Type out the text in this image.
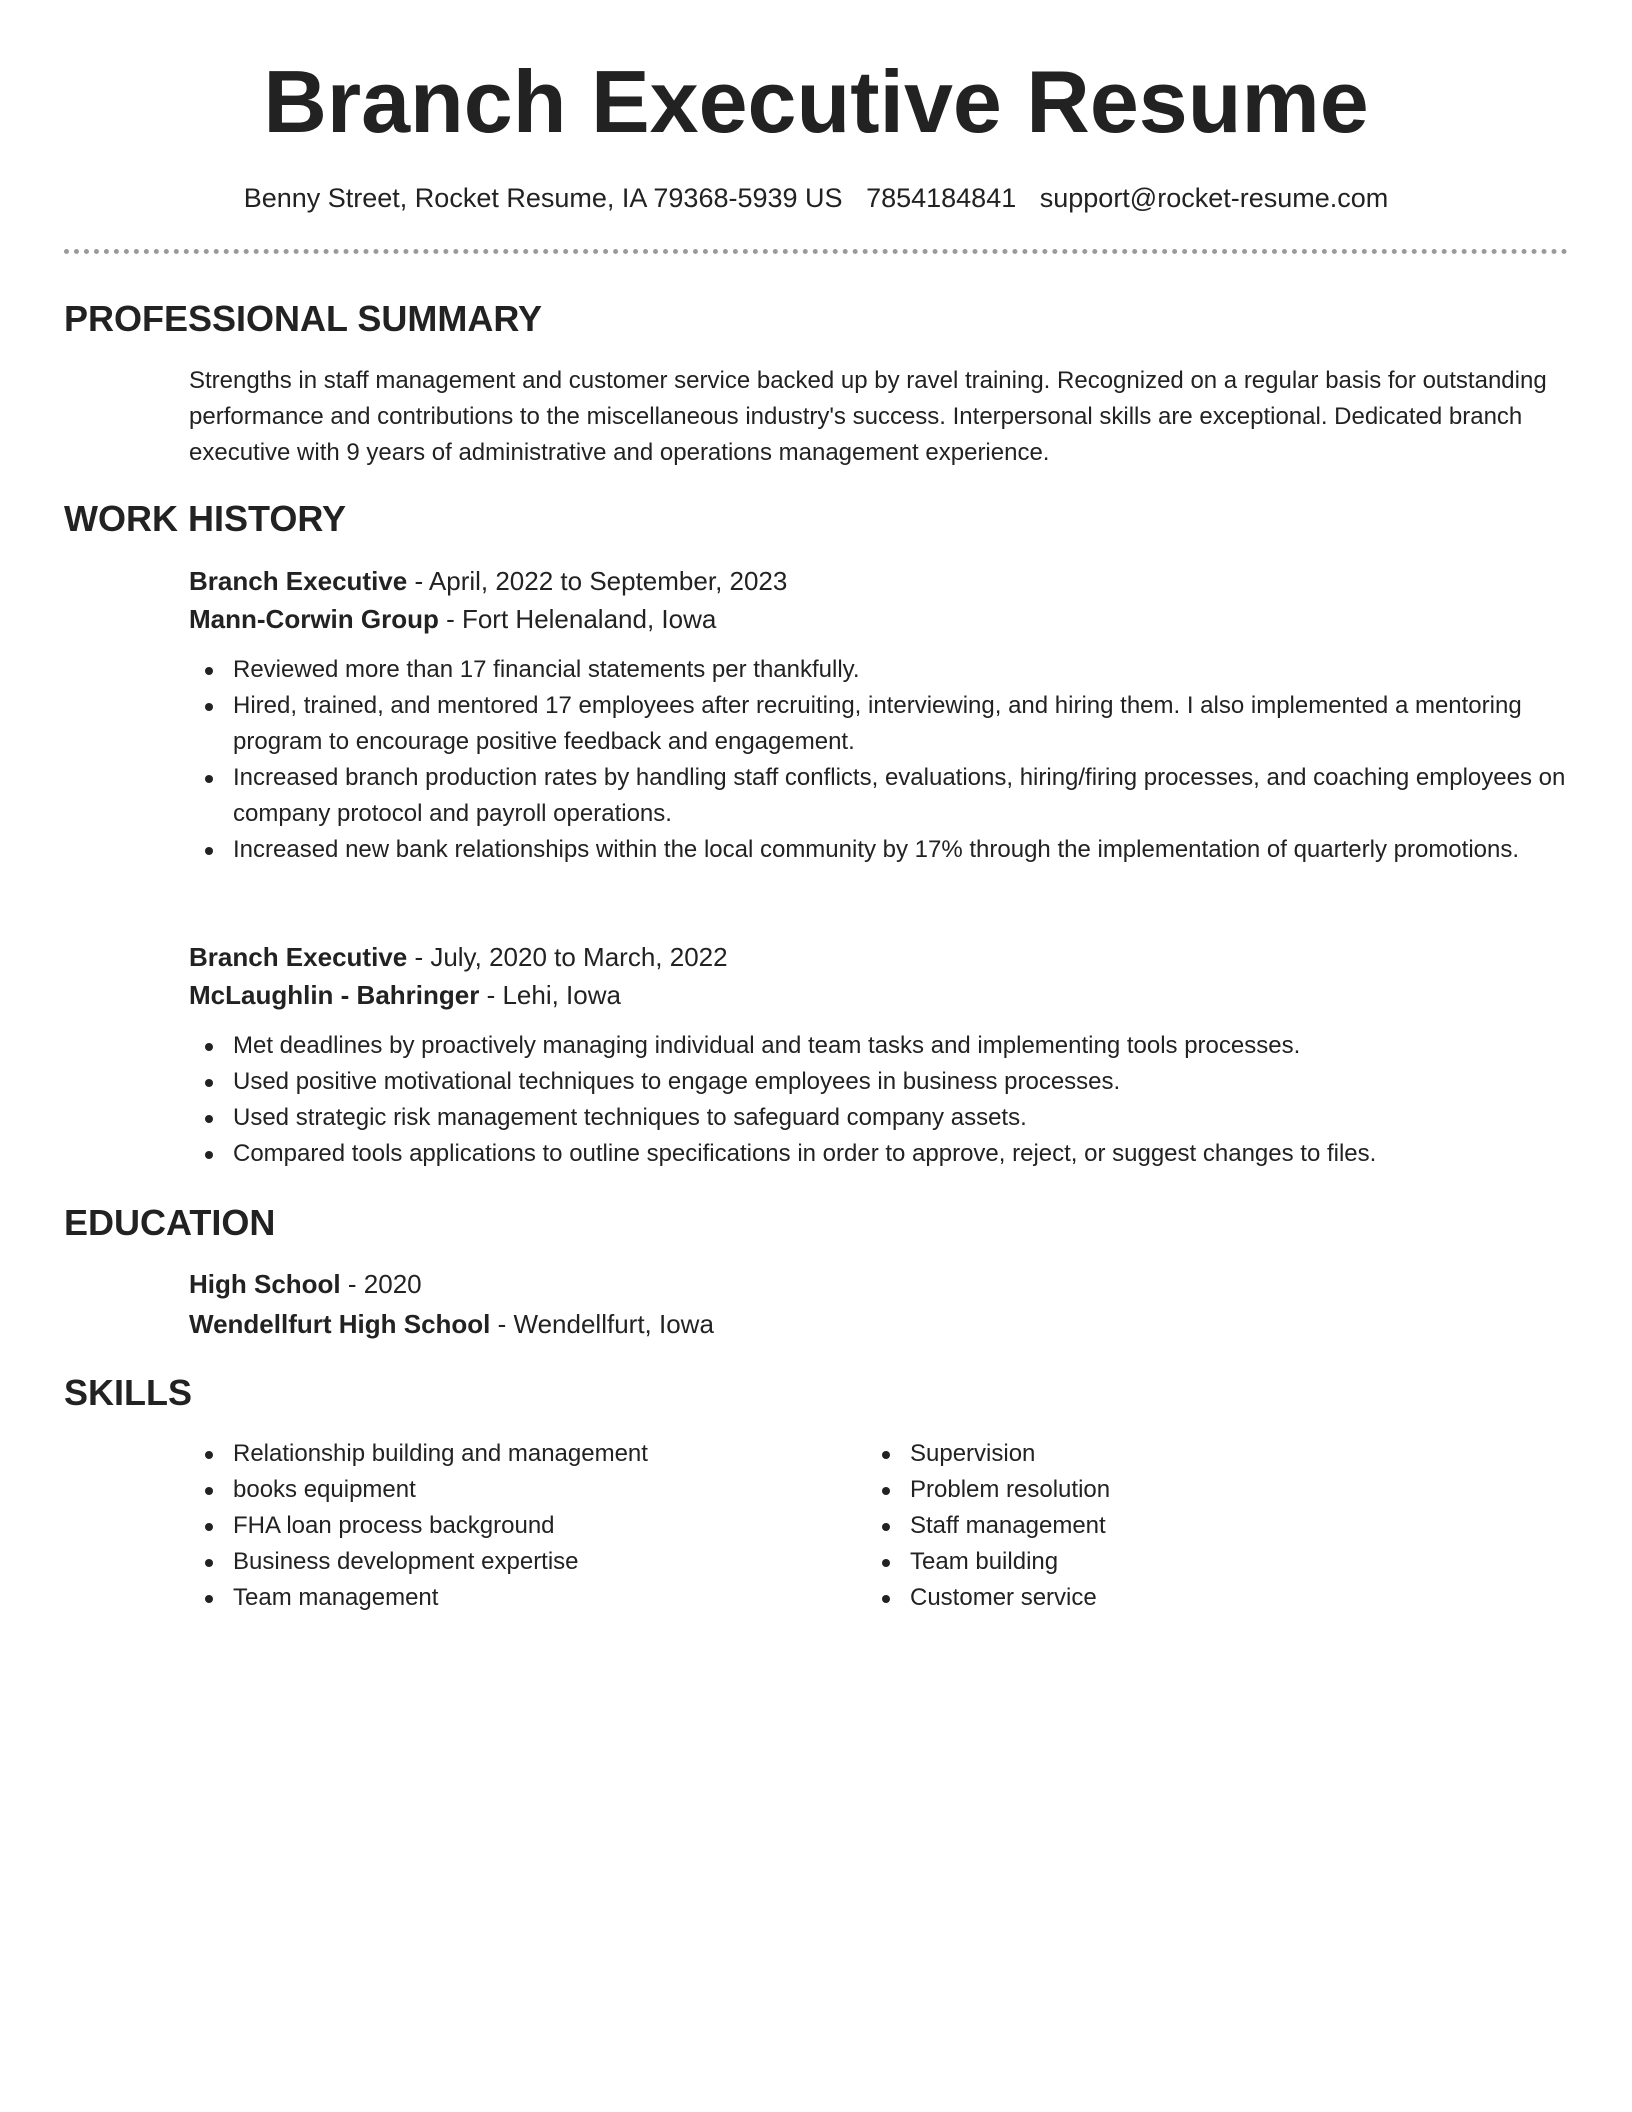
Branch Executive Resume
Benny Street, Rocket Resume, IA 79368-5939 US 7854184841 support@rocket-resume.com
PROFESSIONAL SUMMARY

Strengths in staff management and customer service backed up by ravel training. Recognized on a regular basis for outstanding performance and contributions to the miscellaneous industry's success. Interpersonal skills are exceptional. Dedicated branch executive with 9 years of administrative and operations management experience.

WORK HISTORY
Branch Executive - April, 2022 to September, 2023
Mann-Corwin Group - Fort Helenaland, Iowa
Reviewed more than 17 financial statements per thankfully.
Hired, trained, and mentored 17 employees after recruiting, interviewing, and hiring them. I also implemented a mentoring program to encourage positive feedback and engagement.
Increased branch production rates by handling staff conflicts, evaluations, hiring/firing processes, and coaching employees on company protocol and payroll operations.
Increased new bank relationships within the local community by 17% through the implementation of quarterly promotions.
Branch Executive - July, 2020 to March, 2022
McLaughlin - Bahringer - Lehi, Iowa
Met deadlines by proactively managing individual and team tasks and implementing tools processes.
Used positive motivational techniques to engage employees in business processes.
Used strategic risk management techniques to safeguard company assets.
Compared tools applications to outline specifications in order to approve, reject, or suggest changes to files.
EDUCATION
High School - 2020
Wendellfurt High School - Wendellfurt, Iowa
SKILLS
Relationship building and management
books equipment
FHA loan process background
Business development expertise
Team management
Supervision
Problem resolution
Staff management
Team building
Customer service
